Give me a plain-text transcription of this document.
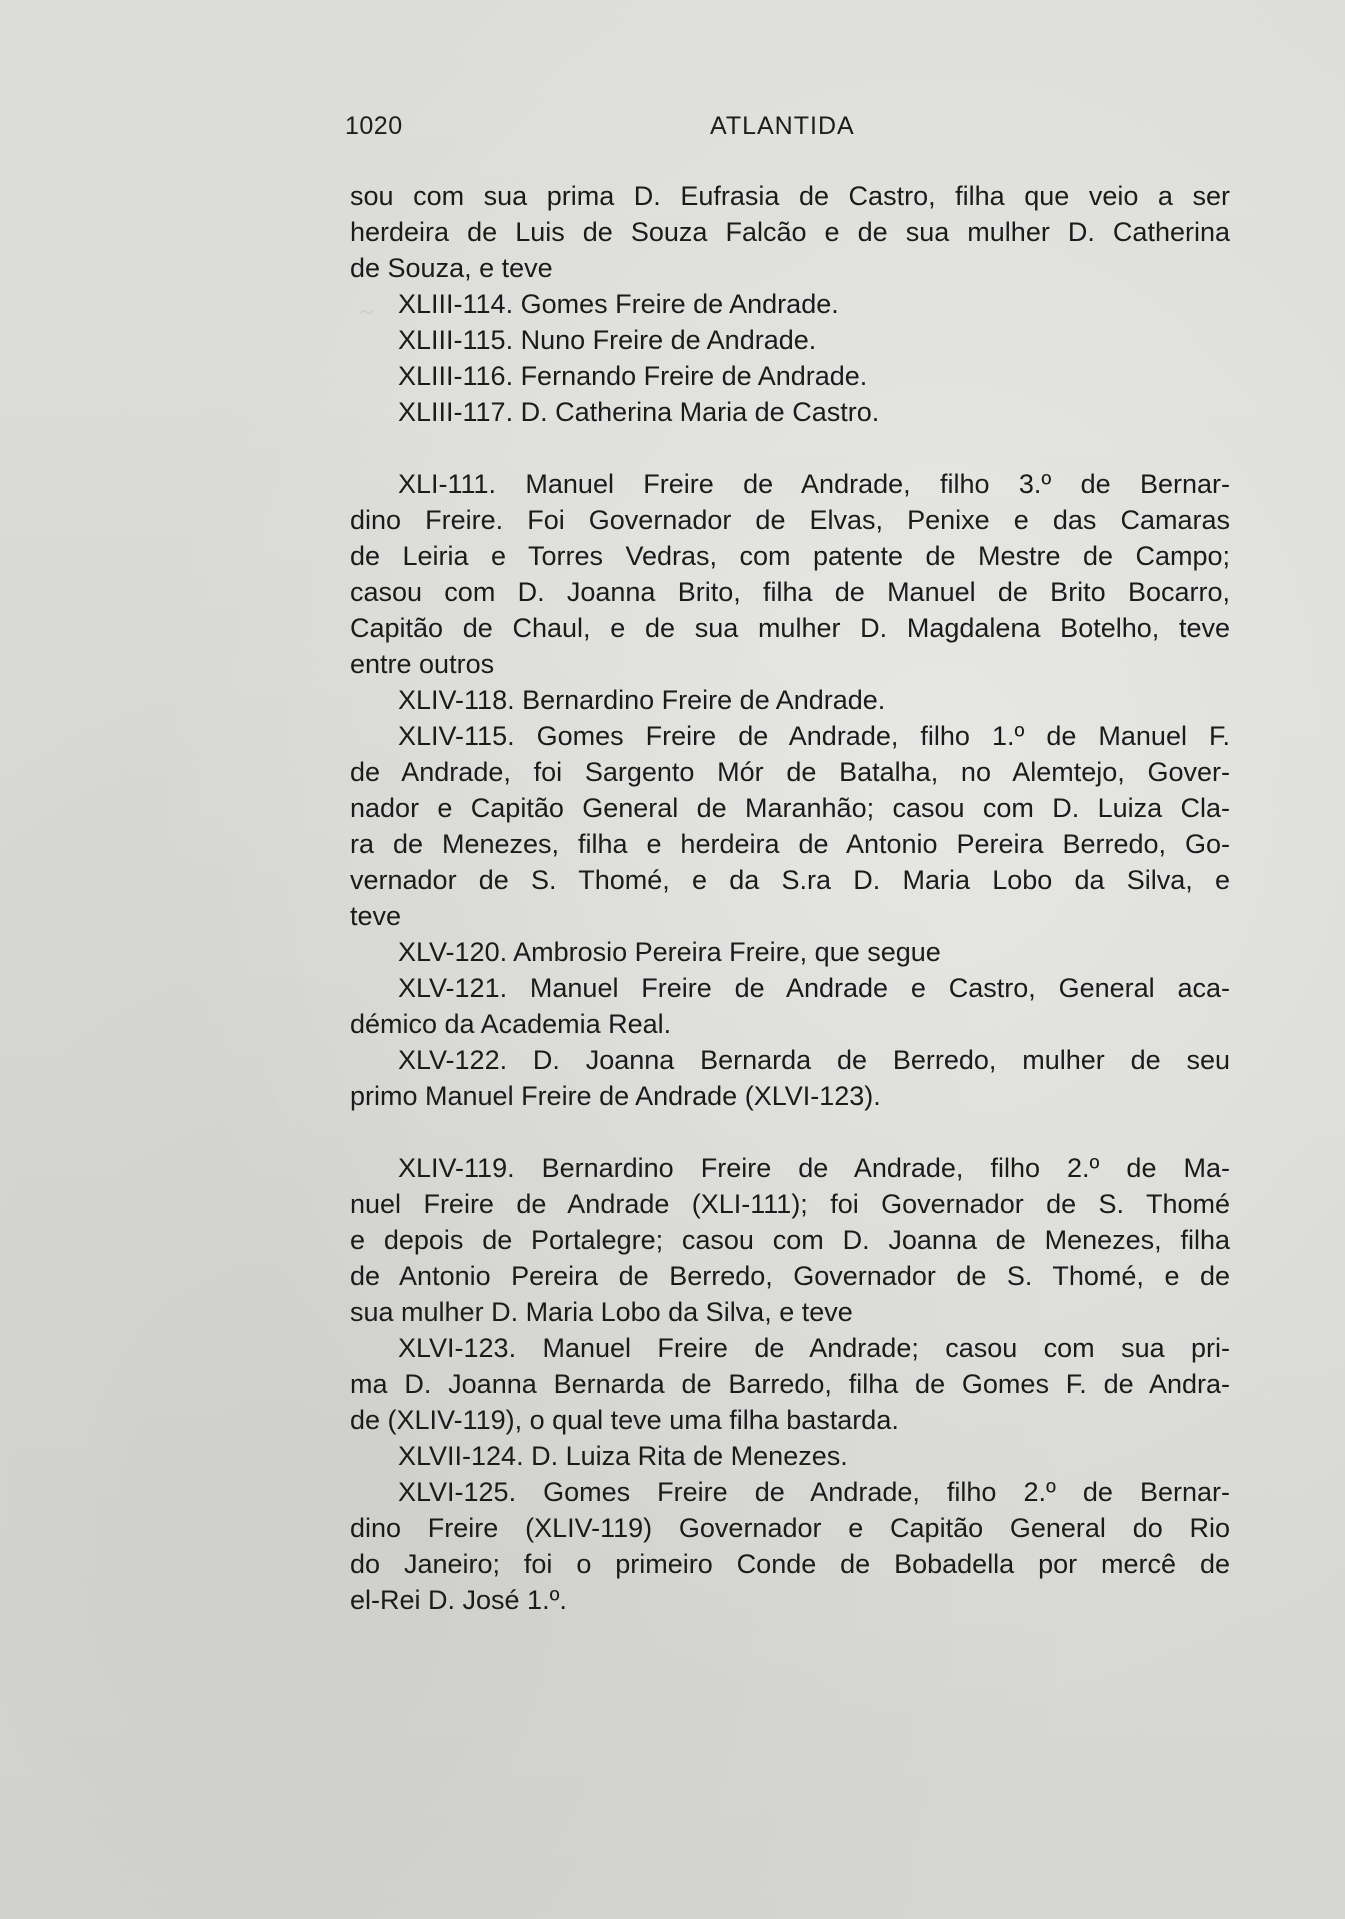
~
1020	ATLANTIDA
sou com sua prima D. Eufrasia de Castro, filha que veio a ser
herdeira de Luis de Souza Falcão e de sua mulher D. Catherina
de Souza, e teve
XLIII-114. Gomes Freire de Andrade.
XLIII-115. Nuno Freire de Andrade.
XLIII-116. Fernando Freire de Andrade.
XLIII-117. D. Catherina Maria de Castro.
XLI-111. Manuel Freire de Andrade, filho 3.º de Bernar-
dino Freire. Foi Governador de Elvas, Penixe e das Camaras
de Leiria e Torres Vedras, com patente de Mestre de Campo;
casou com D. Joanna Brito, filha de Manuel de Brito Bocarro,
Capitão de Chaul, e de sua mulher D. Magdalena Botelho, teve
entre outros
XLIV-118. Bernardino Freire de Andrade.
XLIV-115. Gomes Freire de Andrade, filho 1.º de Manuel F.
de Andrade, foi Sargento Mór de Batalha, no Alemtejo, Gover-
nador e Capitão General de Maranhão; casou com D. Luiza Cla-
ra de Menezes, filha e herdeira de Antonio Pereira Berredo, Go-
vernador de S. Thomé, e da S.ra D. Maria Lobo da Silva, e
teve
XLV-120. Ambrosio Pereira Freire, que segue
XLV-121. Manuel Freire de Andrade e Castro, General aca-
démico da Academia Real.
XLV-122. D. Joanna Bernarda de Berredo, mulher de seu
primo Manuel Freire de Andrade (XLVI-123).
XLIV-119. Bernardino Freire de Andrade, filho 2.º de Ma-
nuel Freire de Andrade (XLI-111); foi Governador de S. Thomé
e depois de Portalegre; casou com D. Joanna de Menezes, filha
de Antonio Pereira de Berredo, Governador de S. Thomé, e de
sua mulher D. Maria Lobo da Silva, e teve
XLVI-123. Manuel Freire de Andrade; casou com sua pri-
ma D. Joanna Bernarda de Barredo, filha de Gomes F. de Andra-
de (XLIV-119), o qual teve uma filha bastarda.
XLVII-124. D. Luiza Rita de Menezes.
XLVI-125. Gomes Freire de Andrade, filho 2.º de Bernar-
dino Freire (XLIV-119) Governador e Capitão General do Rio
do Janeiro; foi o primeiro Conde de Bobadella por mercê de
el-Rei D. José 1.º.
